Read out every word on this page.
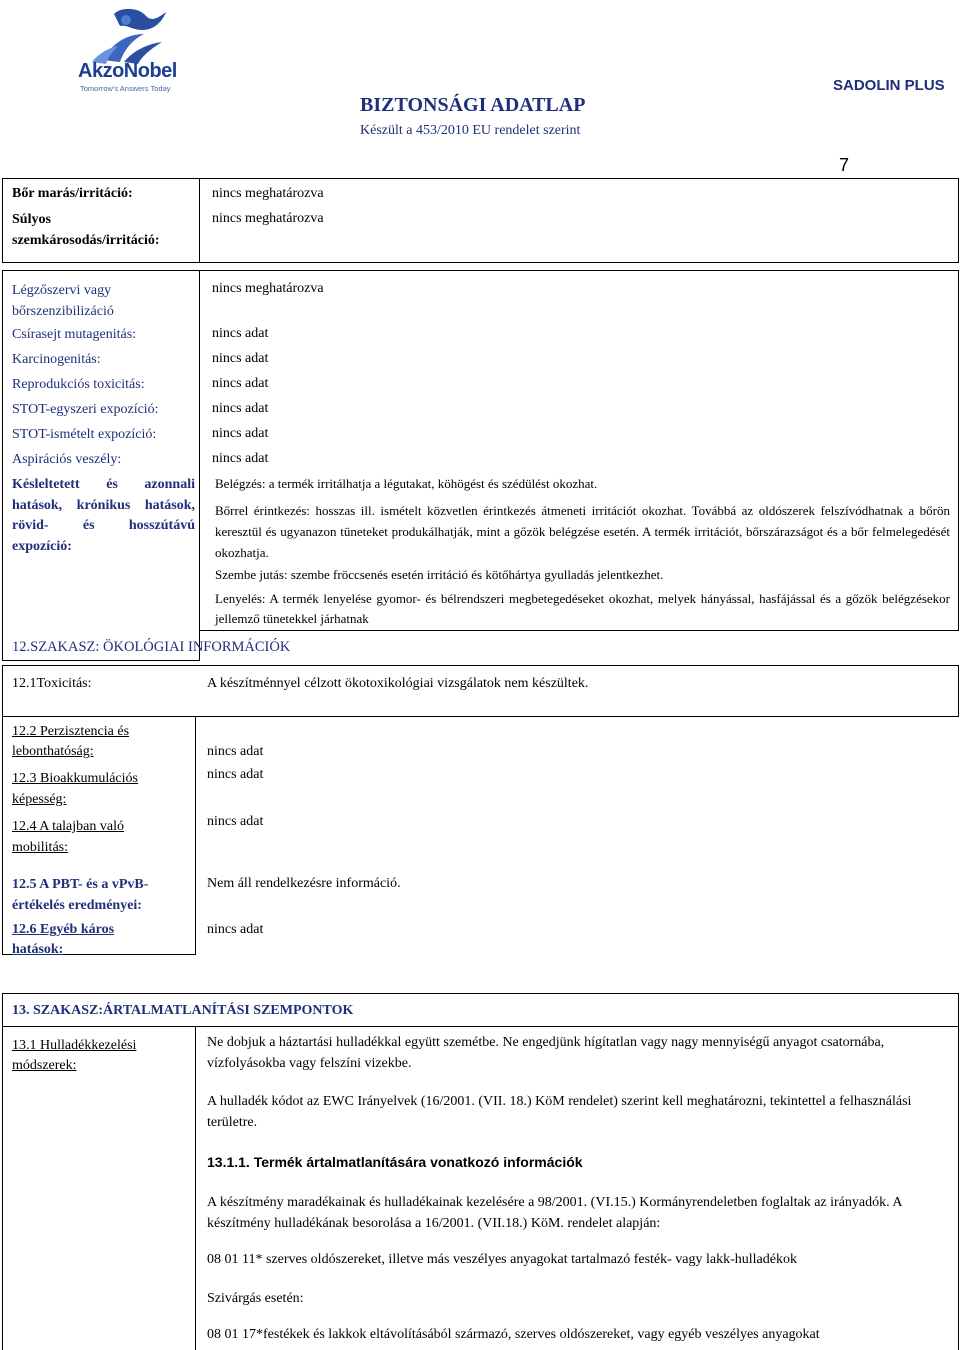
AkzoNobel
Tomorrow's Answers Today
BIZTONSÁGI ADATLAP
Készült a 453/2010 EU rendelet szerint
SADOLIN PLUS
7
Bőr marás/irritáció:	nincs meghatározva
Súlyos szemkárosodás/irritáció:
nincs meghatározva
Légzőszervi vagy bőrszenzibilizáció
nincs meghatározva
Csírasejt mutagenitás:	nincs adat
Karcinogenitás:	nincs adat
Reprodukciós toxicitás:	nincs adat
STOT-egyszeri expozíció:	nincs adat
STOT-ismételt expozíció:	nincs adat
Aspirációs veszély:	nincs adat
Késleltetett és azonnali hatások, krónikus hatások, rövid- és hosszútávú expozíció:
Belégzés: a termék irritálhatja a légutakat, köhögést és szédülést okozhat.
Bőrrel érintkezés: hosszas ill. ismételt közvetlen érintkezés átmeneti irritációt okozhat. Továbbá az oldószerek felszívódhatnak a bőrön keresztül és ugyanazon tüneteket produkálhatják, mint a gőzök belégzése esetén. A termék irritációt, bőrszárazságot és a bőr felmelegedését okozhatja.
Szembe jutás: szembe fröccsenés esetén irritáció és kötőhártya gyulladás jelentkezhet.
Lenyelés: A termék lenyelése gyomor- és bélrendszeri megbetegedéseket okozhat, melyek hányással, hasfájással és a gőzök belégzésekor jellemző tünetekkel járhatnak
12.SZAKASZ: ÖKOLÓGIAI INFORMÁCIÓK
12.1Toxicitás:	A készítménnyel célzott ökotoxikológiai vizsgálatok nem készültek.
12.2 Perzisztencia és lebonthatóság:	nincs adat
12.3 Bioakkumulációs képesség:
nincs adat
12.4 A talajban való mobilitás:
nincs adat
12.5 A PBT- és a vPvB-értékelés eredményei:
Nem áll rendelkezésre információ.
12.6 Egyéb káros hatások:
nincs adat
13. SZAKASZ:ÁRTALMATLANÍTÁSI SZEMPONTOK
13.1 Hulladékkezelési módszerek:
Ne dobjuk a háztartási hulladékkal együtt szemétbe. Ne engedjünk hígítatlan vagy nagy mennyiségű anyagot csatornába, vízfolyásokba vagy felszíni vizekbe.
A hulladék kódot az EWC Irányelvek (16/2001. (VII. 18.) KöM rendelet) szerint kell meghatározni, tekintettel a felhasználási területre.
13.1.1. Termék ártalmatlanítására vonatkozó információk
A készítmény maradékainak és hulladékainak kezelésére a 98/2001. (VI.15.) Kormányrendeletben foglaltak az irányadók. A készítmény hulladékának besorolása a 16/2001. (VII.18.) KöM. rendelet alapján:
08 01 11* szerves oldószereket, illetve más veszélyes anyagokat tartalmazó festék- vagy lakk-hulladékok
Szivárgás esetén:
08 01 17*festékek és lakkok eltávolításából származó, szerves oldószereket, vagy egyéb veszélyes anyagokat
